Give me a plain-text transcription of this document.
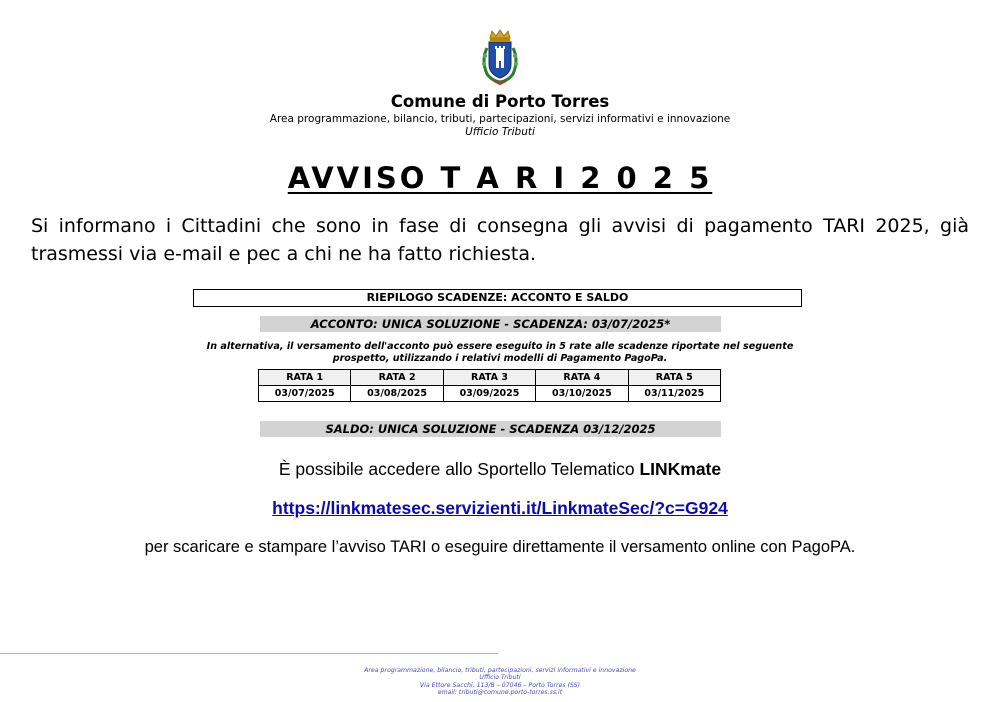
Comune di Porto Torres
Area programmazione, bilancio, tributi, partecipazioni, servizi informativi e innovazione
Ufficio Tributi
AVVISO T A R I 2 0 2 5
Si informano i Cittadini che sono in fase di consegna gli avvisi di pagamento TARI 2025, già trasmessi via e-mail e pec a chi ne ha fatto richiesta.
RIEPILOGO SCADENZE: ACCONTO E SALDO
ACCONTO: UNICA SOLUZIONE - SCADENZA: 03/07/2025*
In alternativa, il versamento dell'acconto può essere eseguito in 5 rate alle scadenze riportate nel seguente prospetto, utilizzando i relativi modelli di Pagamento PagoPa.
RATA 1	RATA 2	RATA 3	RATA 4	RATA 5
03/07/2025	03/08/2025	03/09/2025	03/10/2025	03/11/2025
SALDO: UNICA SOLUZIONE - SCADENZA 03/12/2025
È possibile accedere allo Sportello Telematico LINKmate
https://linkmatesec.servizienti.it/LinkmateSec/?c=G924
per scaricare e stampare l’avviso TARI o eseguire direttamente il versamento online con PagoPA.
Area programmazione, bilancio, tributi, partecipazioni, servizi informativi e innovazione
Ufficio Tributi
Via Ettore Sacchi, 113/B – 07046 – Porto Torres (SS)
email: tributi@comune.porto-torres.ss.it
